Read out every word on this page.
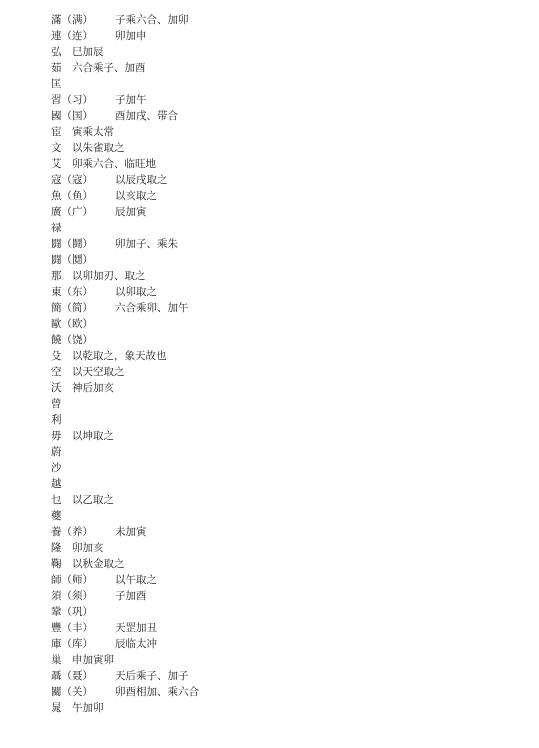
滿（满）	子乘六合、加卯
連（连）	卯加申
弘	巳加辰
茹	六合乘子、加酉
匡
習（习）	子加午
國（国）	酉加戌、带合
宦	寅乘太常
文	以朱雀取之
艾	卯乘六合、临旺地
寇（寇）	以辰戌取之
魚（鱼）	以亥取之
廣（广）	辰加寅
禄
闘（鬪）	卯加子、乘朱
闘（鬩）
那	以卯加刃、取之
東（东）	以卯取之
簡（简）	六合乘卯、加午
歐（欧）
饒（饶）
殳	以乾取之，象天故也
空	以天空取之
沃	神后加亥
曾
利
毋	以坤取之
蔚
沙
越
乜	以乙取之
夔
養（养）	未加寅
隆	卯加亥
鞠	以秋金取之
師（师）	以午取之
須（须）	子加酉
鞏（巩）
豐（丰）	天罡加丑
庫（库）	辰临太冲
巢	申加寅卯
聶（聂）	天后乘子、加子
關（关）	卯酉相加、乘六合
晁	午加卯
